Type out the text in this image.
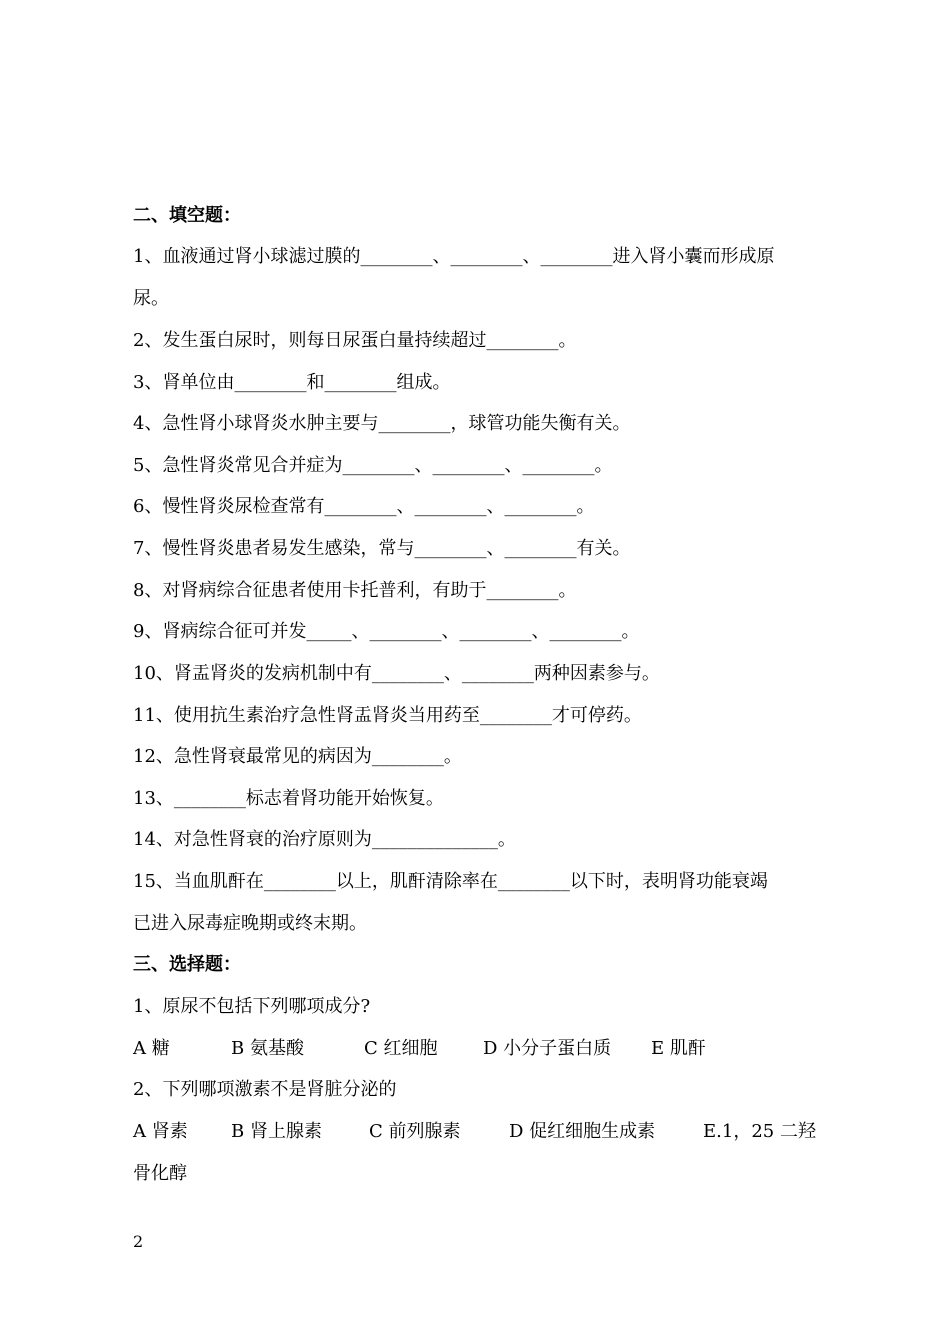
二、填空题：
1、血液通过肾小球滤过膜的________、________、________进入肾小囊而形成原
尿。
2、发生蛋白尿时，则每日尿蛋白量持续超过________。
3、肾单位由________和________组成。
4、急性肾小球肾炎水肿主要与________，球管功能失衡有关。
5、急性肾炎常见合并症为________、________、________。
6、慢性肾炎尿检查常有________、________、________。
7、慢性肾炎患者易发生感染，常与________、________有关。
8、对肾病综合征患者使用卡托普利，有助于________。
9、肾病综合征可并发_____、________、________、________。
10、肾盂肾炎的发病机制中有________、________两种因素参与。
11、使用抗生素治疗急性肾盂肾炎当用药至________才可停药。
12、急性肾衰最常见的病因为________。
13、________标志着肾功能开始恢复。
14、对急性肾衰的治疗原则为______________。
15、当血肌酐在________以上，肌酐清除率在________以下时，表明肾功能衰竭
已进入尿毒症晚期或终末期。
三、选择题：
1、原尿不包括下列哪项成分?
A 糖	B 氨基酸	C 红细胞	D 小分子蛋白质 E 肌酐
2、下列哪项激素不是肾脏分泌的
A 肾素 B 肾上腺素	C 前列腺素	D 促红细胞生成素	E.1，25 二羟
骨化醇
2
